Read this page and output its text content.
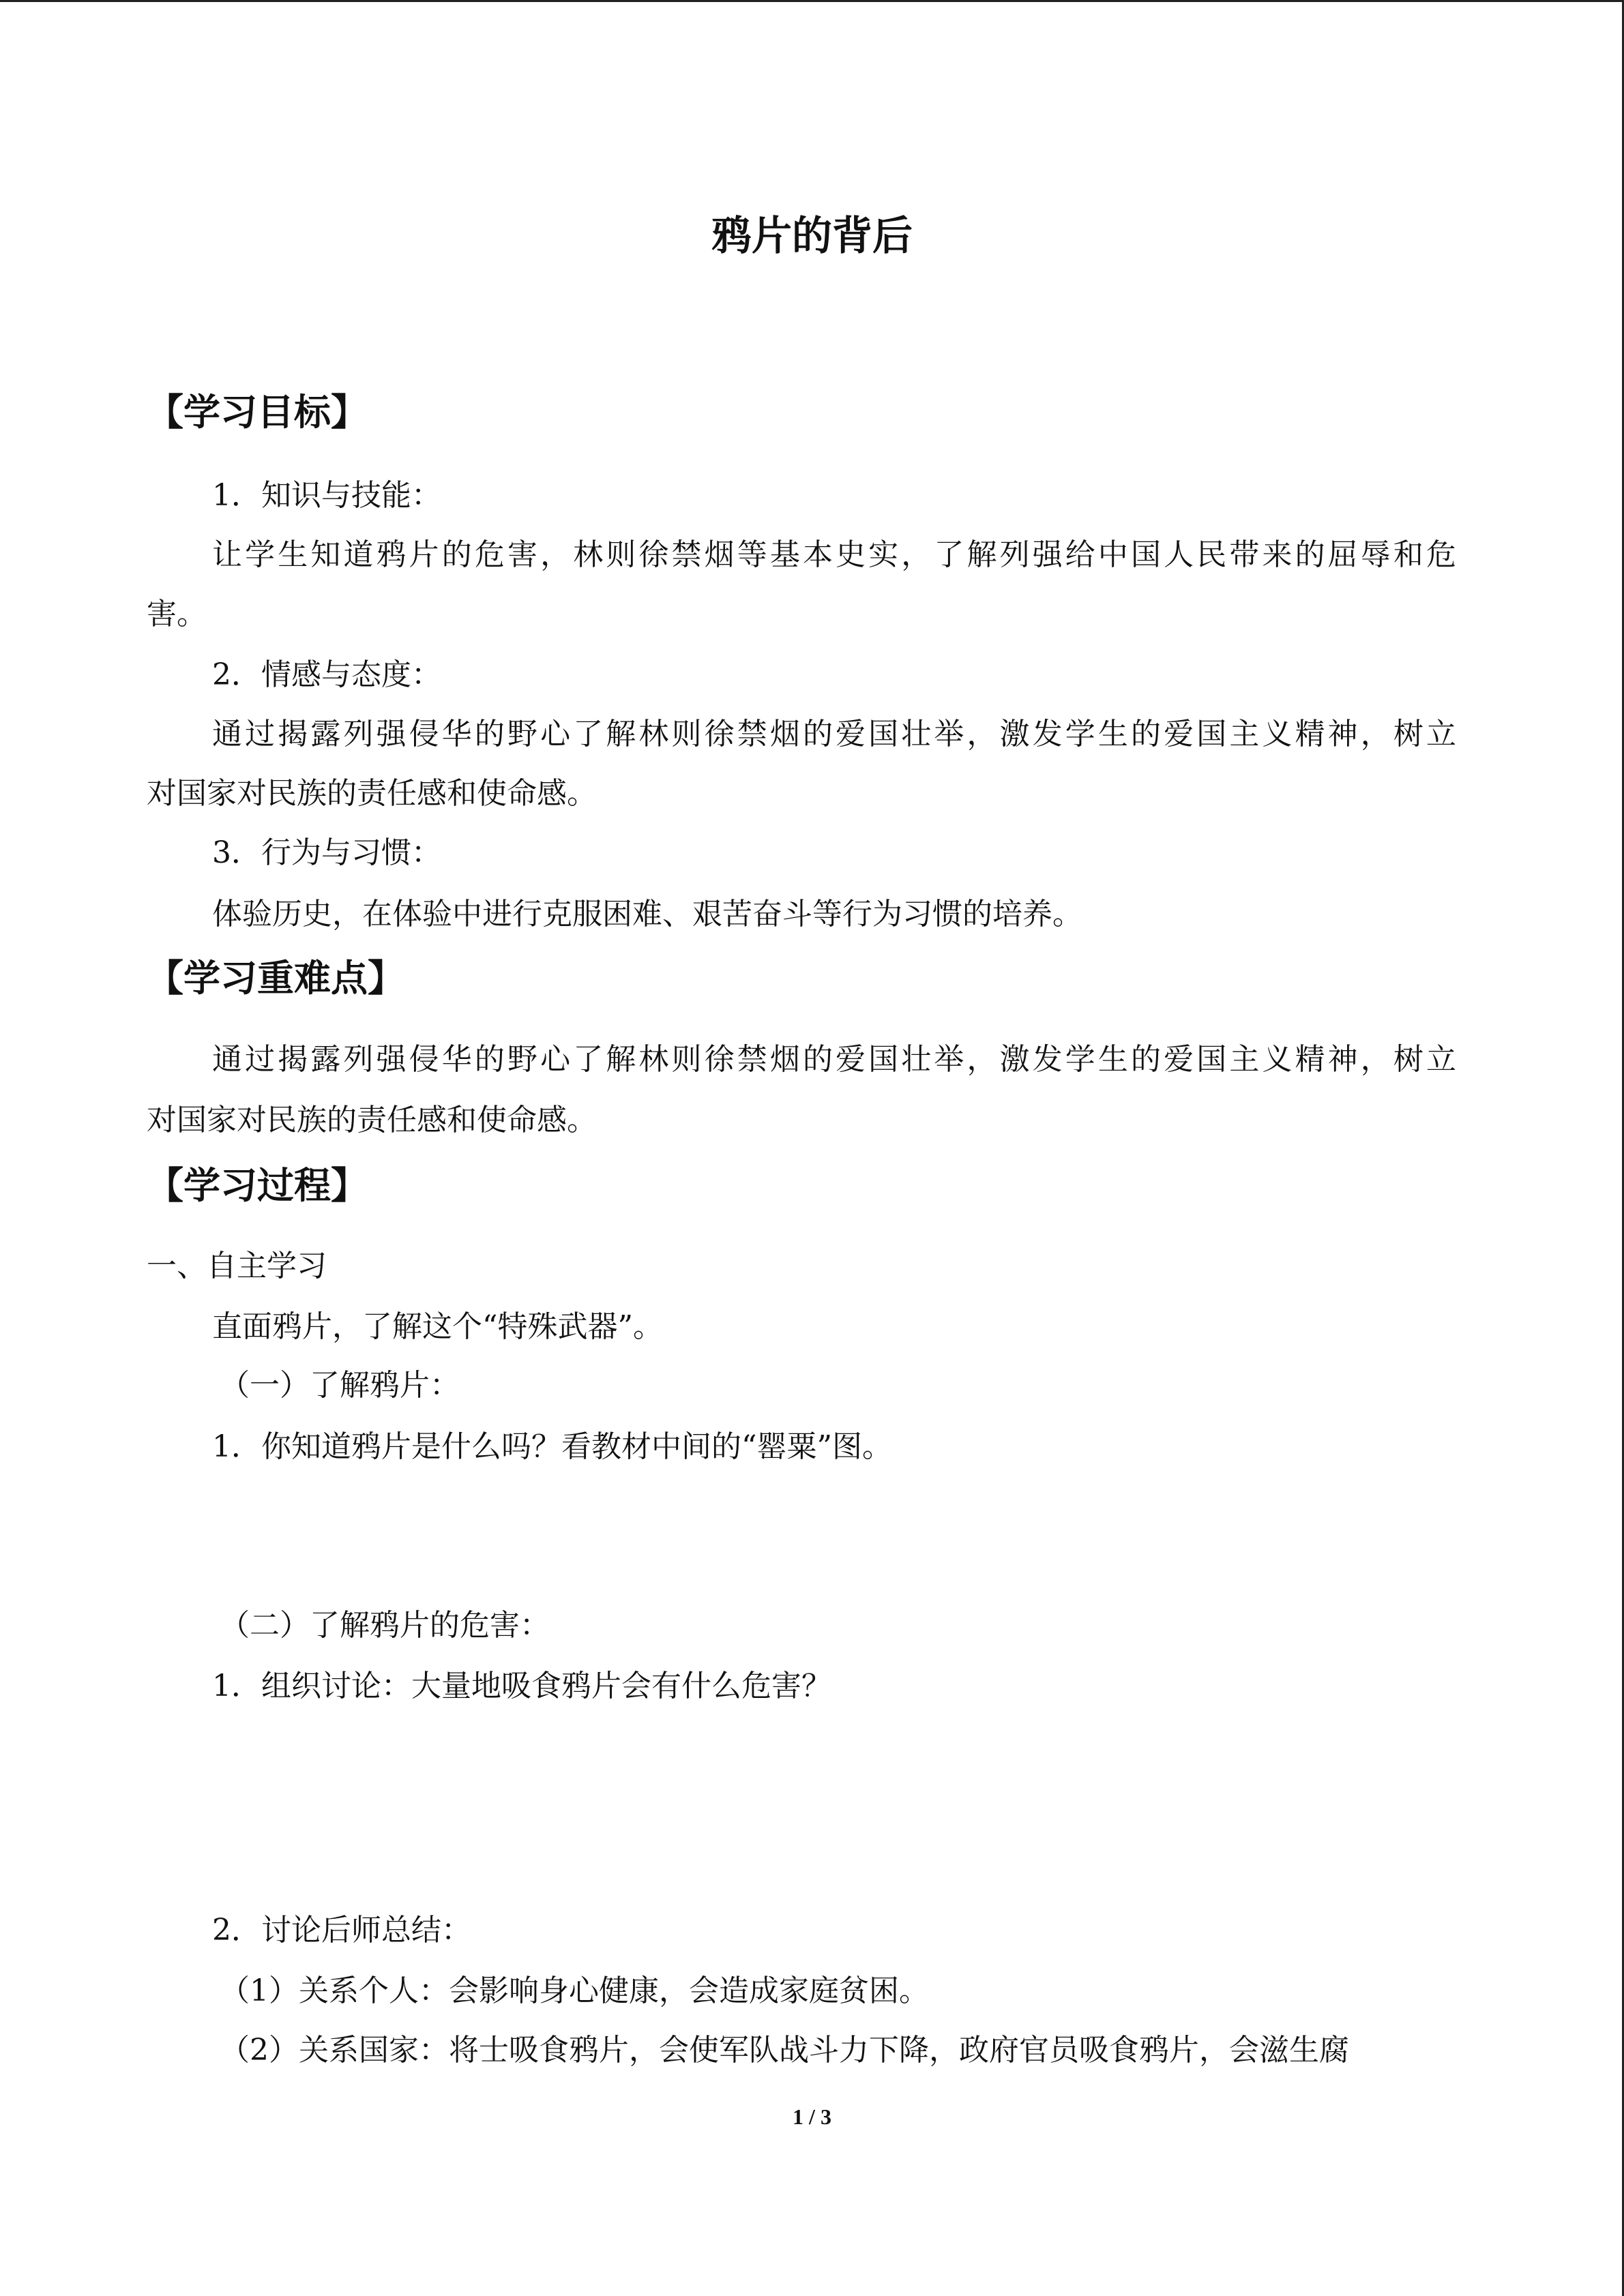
鸦片的背后
【学习目标】
1．知识与技能：
让学生知道鸦片的危害，林则徐禁烟等基本史实，了解列强给中国人民带来的屈辱和危
害。
2．情感与态度：
通过揭露列强侵华的野心了解林则徐禁烟的爱国壮举，激发学生的爱国主义精神，树立
对国家对民族的责任感和使命感。
3．行为与习惯：
体验历史，在体验中进行克服困难、艰苦奋斗等行为习惯的培养。
【学习重难点】
通过揭露列强侵华的野心了解林则徐禁烟的爱国壮举，激发学生的爱国主义精神，树立
对国家对民族的责任感和使命感。
【学习过程】
一、自主学习
直面鸦片，了解这个“特殊武器”。
（一）了解鸦片：
1．你知道鸦片是什么吗？看教材中间的“罂粟”图。
（二）了解鸦片的危害：
1．组织讨论：大量地吸食鸦片会有什么危害？
2．讨论后师总结：
（1）关系个人：会影响身心健康，会造成家庭贫困。
（2）关系国家：将士吸食鸦片，会使军队战斗力下降，政府官员吸食鸦片，会滋生腐
1 / 3
